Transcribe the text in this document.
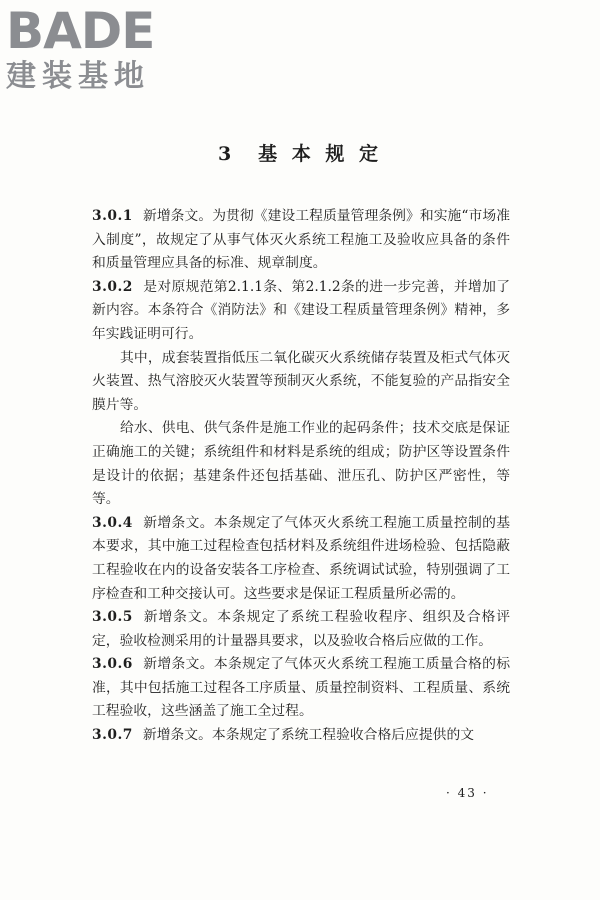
BADE
建装基地
3　基 本 规 定

3.0.1 新增条文。为贯彻《建设工程质量管理条例》和实施“市场准入制度”，故规定了从事气体灭火系统工程施工及验收应具备的条件和质量管理应具备的标准、规章制度。

3.0.2 是对原规范第2.1.1条、第2.1.2条的进一步完善，并增加了新内容。本条符合《消防法》和《建设工程质量管理条例》精神，多年实践证明可行。

其中，成套装置指低压二氧化碳灭火系统储存装置及柜式气体灭火装置、热气溶胶灭火装置等预制灭火系统，不能复验的产品指安全膜片等。

给水、供电、供气条件是施工作业的起码条件；技术交底是保证正确施工的关键；系统组件和材料是系统的组成；防护区等设置条件是设计的依据；基建条件还包括基础、泄压孔、防护区严密性，等等。

3.0.4 新增条文。本条规定了气体灭火系统工程施工质量控制的基本要求，其中施工过程检查包括材料及系统组件进场检验、包括隐蔽工程验收在内的设备安装各工序检查、系统调试试验，特别强调了工序检查和工种交接认可。这些要求是保证工程质量所必需的。

3.0.5 新增条文。本条规定了系统工程验收程序、组织及合格评定，验收检测采用的计量器具要求，以及验收合格后应做的工作。

3.0.6 新增条文。本条规定了气体灭火系统工程施工质量合格的标准，其中包括施工过程各工序质量、质量控制资料、工程质量、系统工程验收，这些涵盖了施工全过程。

3.0.7 新增条文。本条规定了系统工程验收合格后应提供的文

· 43 ·
